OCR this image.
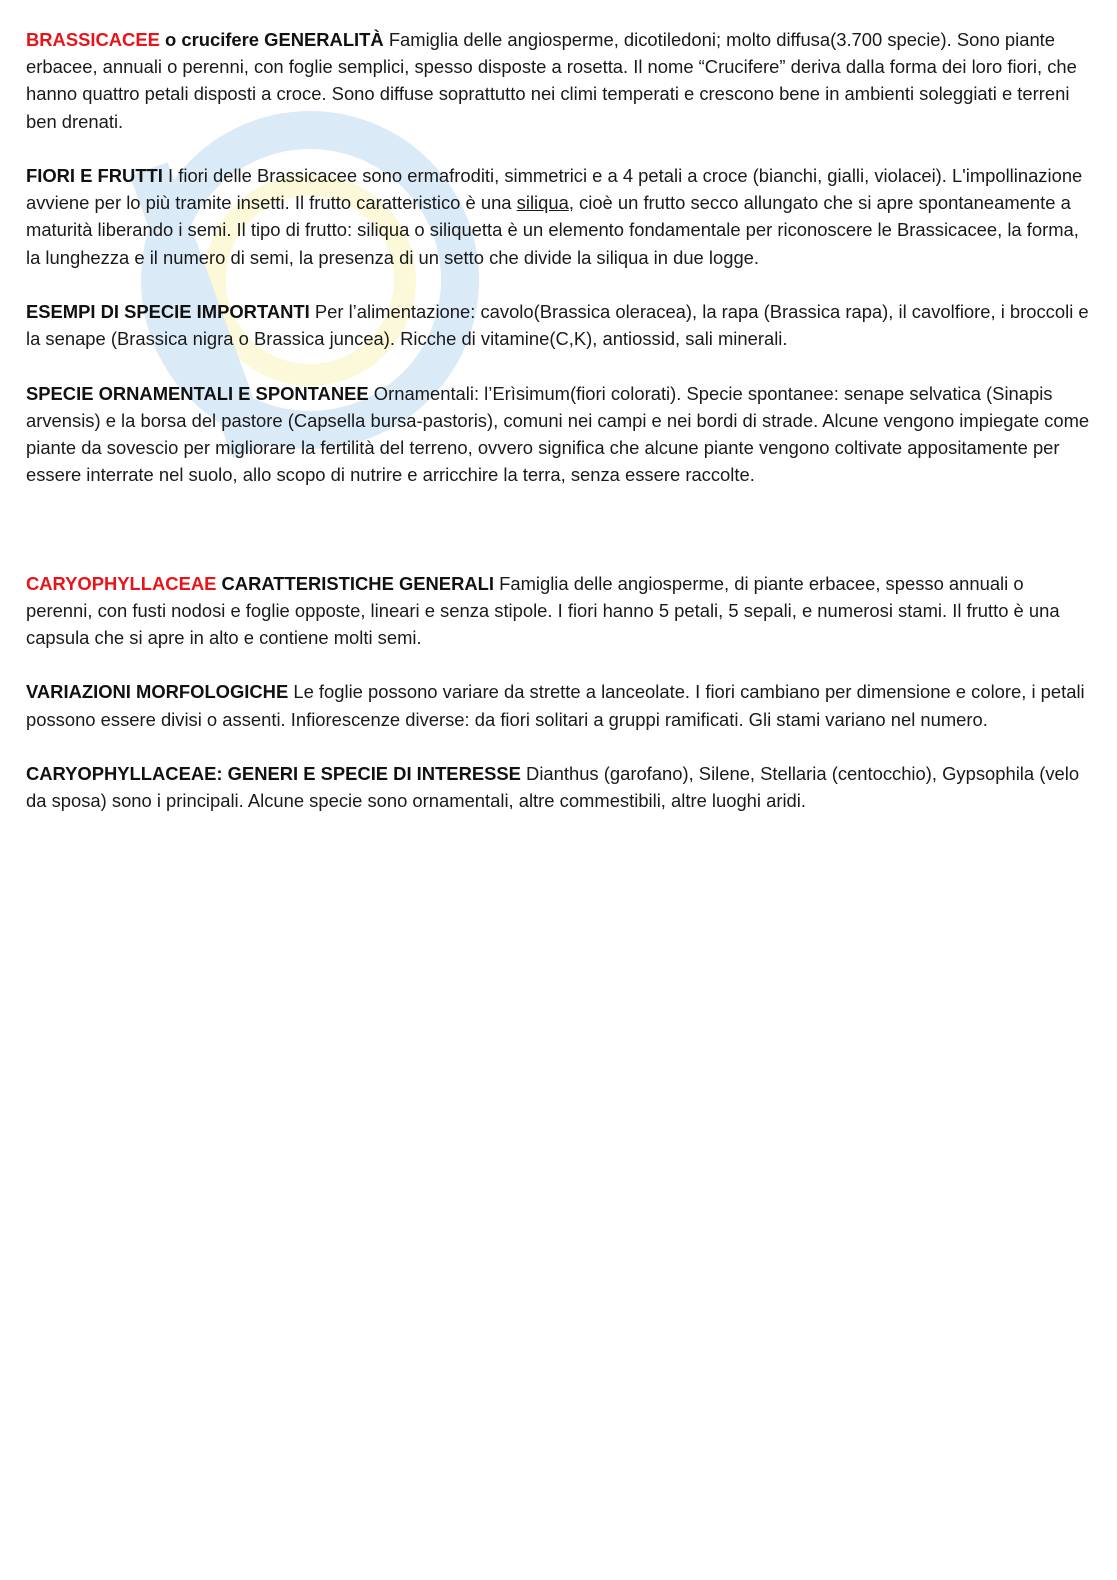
BRASSICACEE o crucifere GENERALITÀ Famiglia delle angiosperme, dicotiledoni; molto diffusa(3.700 specie). Sono piante erbacee, annuali o perenni, con foglie semplici, spesso disposte a rosetta. Il nome “Crucifere” deriva dalla forma dei loro fiori, che hanno quattro petali disposti a croce. Sono diffuse soprattutto nei climi temperati e crescono bene in ambienti soleggiati e terreni ben drenati.

FIORI E FRUTTI I fiori delle Brassicacee sono ermafroditi, simmetrici e a 4 petali a croce (bianchi, gialli, violacei). L'impollinazione avviene per lo più tramite insetti. Il frutto caratteristico è una siliqua, cioè un frutto secco allungato che si apre spontaneamente a maturità liberando i semi. Il tipo di frutto: siliqua o siliquetta è un elemento fondamentale per riconoscere le Brassicacee, la forma, la lunghezza e il numero di semi, la presenza di un setto che divide la siliqua in due logge.

ESEMPI DI SPECIE IMPORTANTI Per l’alimentazione: cavolo(Brassica oleracea), la rapa (Brassica rapa), il cavolfiore, i broccoli e la senape (Brassica nigra o Brassica juncea). Ricche di vitamine(C,K), antiossid, sali minerali.

SPECIE ORNAMENTALI E SPONTANEE Ornamentali: l’Erìsimum(fiori colorati). Specie spontanee: senape selvatica (Sinapis arvensis) e la borsa del pastore (Capsella bursa-pastoris), comuni nei campi e nei bordi di strade. Alcune vengono impiegate come piante da sovescio per migliorare la fertilità del terreno, ovvero significa che alcune piante vengono coltivate appositamente per essere interrate nel suolo, allo scopo di nutrire e arricchire la terra, senza essere raccolte.

CARYOPHYLLACEAE CARATTERISTICHE GENERALI Famiglia delle angiosperme, di piante erbacee, spesso annuali o perenni, con fusti nodosi e foglie opposte, lineari e senza stipole. I fiori hanno 5 petali, 5 sepali, e numerosi stami. Il frutto è una capsula che si apre in alto e contiene molti semi.

VARIAZIONI MORFOLOGICHE Le foglie possono variare da strette a lanceolate. I fiori cambiano per dimensione e colore, i petali possono essere divisi o assenti. Infiorescenze diverse: da fiori solitari a gruppi ramificati. Gli stami variano nel numero.

CARYOPHYLLACEAE: GENERI E SPECIE DI INTERESSE Dianthus (garofano), Silene, Stellaria (centocchio), Gypsophila (velo da sposa) sono i principali. Alcune specie sono ornamentali, altre commestibili, altre luoghi aridi.
